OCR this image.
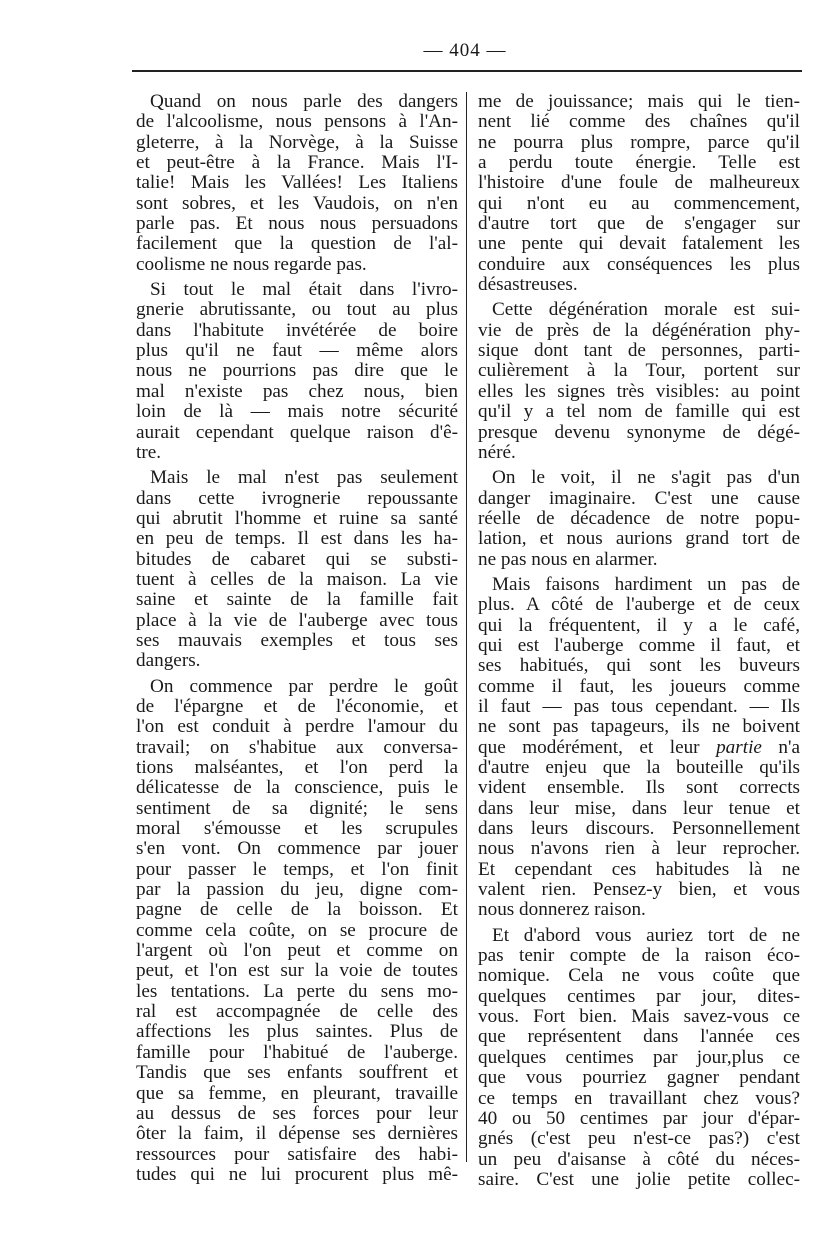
— 404 —
Quand on nous parle des dangers
de l'alcoolisme, nous pensons à l'An-
gleterre, à la Norvège, à la Suisse
et peut-être à la France. Mais l'I-
talie! Mais les Vallées! Les Italiens
sont sobres, et les Vaudois, on n'en
parle pas. Et nous nous persuadons
facilement que la question de l'al-
coolisme ne nous regarde pas.
Si tout le mal était dans l'ivro-
gnerie abrutissante, ou tout au plus
dans l'habitute invétérée de boire
plus qu'il ne faut — même alors
nous ne pourrions pas dire que le
mal n'existe pas chez nous, bien
loin de là — mais notre sécurité
aurait cependant quelque raison d'ê-
tre.
Mais le mal n'est pas seulement
dans cette ivrognerie repoussante
qui abrutit l'homme et ruine sa santé
en peu de temps. Il est dans les ha-
bitudes de cabaret qui se substi-
tuent à celles de la maison. La vie
saine et sainte de la famille fait
place à la vie de l'auberge avec tous
ses mauvais exemples et tous ses
dangers.
On commence par perdre le goût
de l'épargne et de l'économie, et
l'on est conduit à perdre l'amour du
travail; on s'habitue aux conversa-
tions malséantes, et l'on perd la
délicatesse de la conscience, puis le
sentiment de sa dignité; le sens
moral s'émousse et les scrupules
s'en vont. On commence par jouer
pour passer le temps, et l'on finit
par la passion du jeu, digne com-
pagne de celle de la boisson. Et
comme cela coûte, on se procure de
l'argent où l'on peut et comme on
peut, et l'on est sur la voie de toutes
les tentations. La perte du sens mo-
ral est accompagnée de celle des
affections les plus saintes. Plus de
famille pour l'habitué de l'auberge.
Tandis que ses enfants souffrent et
que sa femme, en pleurant, travaille
au dessus de ses forces pour leur
ôter la faim, il dépense ses dernières
ressources pour satisfaire des habi-
tudes qui ne lui procurent plus mê-
me de jouissance; mais qui le tien-
nent lié comme des chaînes qu'il
ne pourra plus rompre, parce qu'il
a perdu toute énergie. Telle est
l'histoire d'une foule de malheureux
qui n'ont eu au commencement,
d'autre tort que de s'engager sur
une pente qui devait fatalement les
conduire aux conséquences les plus
désastreuses.
Cette dégénération morale est sui-
vie de près de la dégénération phy-
sique dont tant de personnes, parti-
culièrement à la Tour, portent sur
elles les signes très visibles: au point
qu'il y a tel nom de famille qui est
presque devenu synonyme de dégé-
néré.
On le voit, il ne s'agit pas d'un
danger imaginaire. C'est une cause
réelle de décadence de notre popu-
lation, et nous aurions grand tort de
ne pas nous en alarmer.
Mais faisons hardiment un pas de
plus. A côté de l'auberge et de ceux
qui la fréquentent, il y a le café,
qui est l'auberge comme il faut, et
ses habitués, qui sont les buveurs
comme il faut, les joueurs comme
il faut — pas tous cependant. — Ils
ne sont pas tapageurs, ils ne boivent
que modérément, et leur partie n'a
d'autre enjeu que la bouteille qu'ils
vident ensemble. Ils sont corrects
dans leur mise, dans leur tenue et
dans leurs discours. Personnellement
nous n'avons rien à leur reprocher.
Et cependant ces habitudes là ne
valent rien. Pensez-y bien, et vous
nous donnerez raison.
Et d'abord vous auriez tort de ne
pas tenir compte de la raison éco-
nomique. Cela ne vous coûte que
quelques centimes par jour, dites-
vous. Fort bien. Mais savez-vous ce
que représentent dans l'année ces
quelques centimes par jour,plus ce
que vous pourriez gagner pendant
ce temps en travaillant chez vous?
40 ou 50 centimes par jour d'épar-
gnés (c'est peu n'est-ce pas?) c'est
un peu d'aisanse à côté du néces-
saire. C'est une jolie petite collec-
